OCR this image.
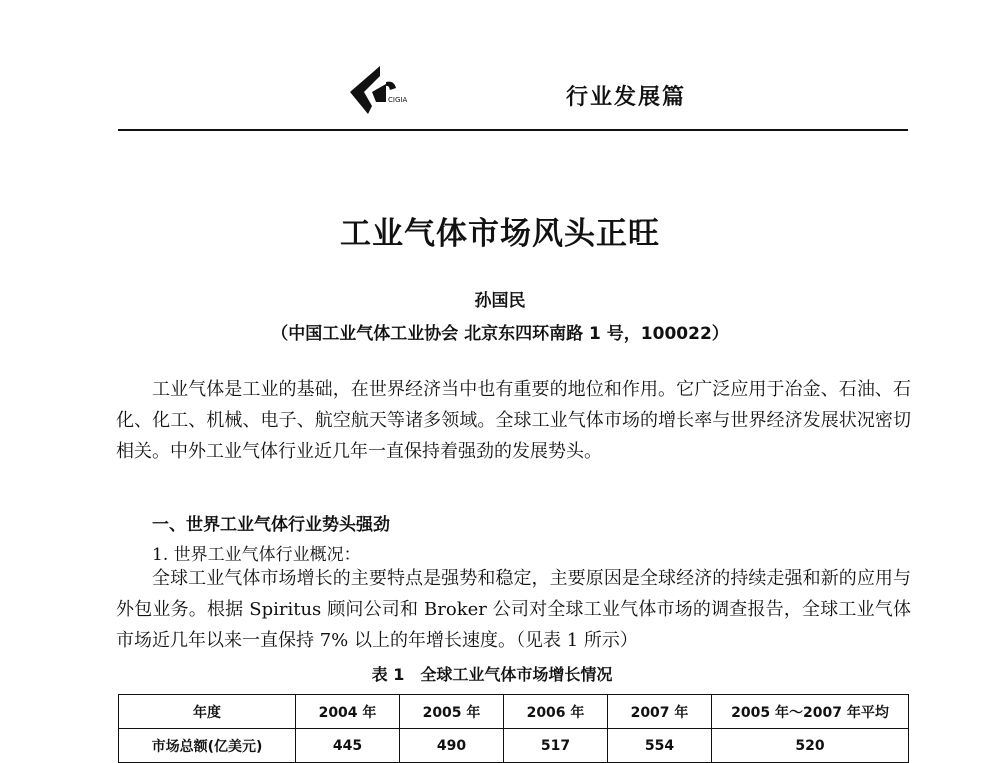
CIGIA	行业发展篇
工业气体市场风头正旺
孙国民
（中国工业气体工业协会 北京东四环南路 1 号，100022）

工业气体是工业的基础，在世界经济当中也有重要的地位和作用。它广泛应用于冶金、石油、石化、化工、机械、电子、航空航天等诸多领域。全球工业气体市场的增长率与世界经济发展状况密切相关。中外工业气体行业近几年一直保持着强劲的发展势头。

一、世界工业气体行业势头强劲
1. 世界工业气体行业概况：

全球工业气体市场增长的主要特点是强势和稳定，主要原因是全球经济的持续走强和新的应用与外包业务。根据 Spiritus 顾问公司和 Broker 公司对全球工业气体市场的调查报告，全球工业气体市场近几年以来一直保持 7% 以上的年增长速度。（见表 1 所示）

表 1 全球工业气体市场增长情况
年度	2004 年	2005 年	2006 年	2007 年	2005 年～2007 年平均
市场总额(亿美元)	445	490	517	554	520
